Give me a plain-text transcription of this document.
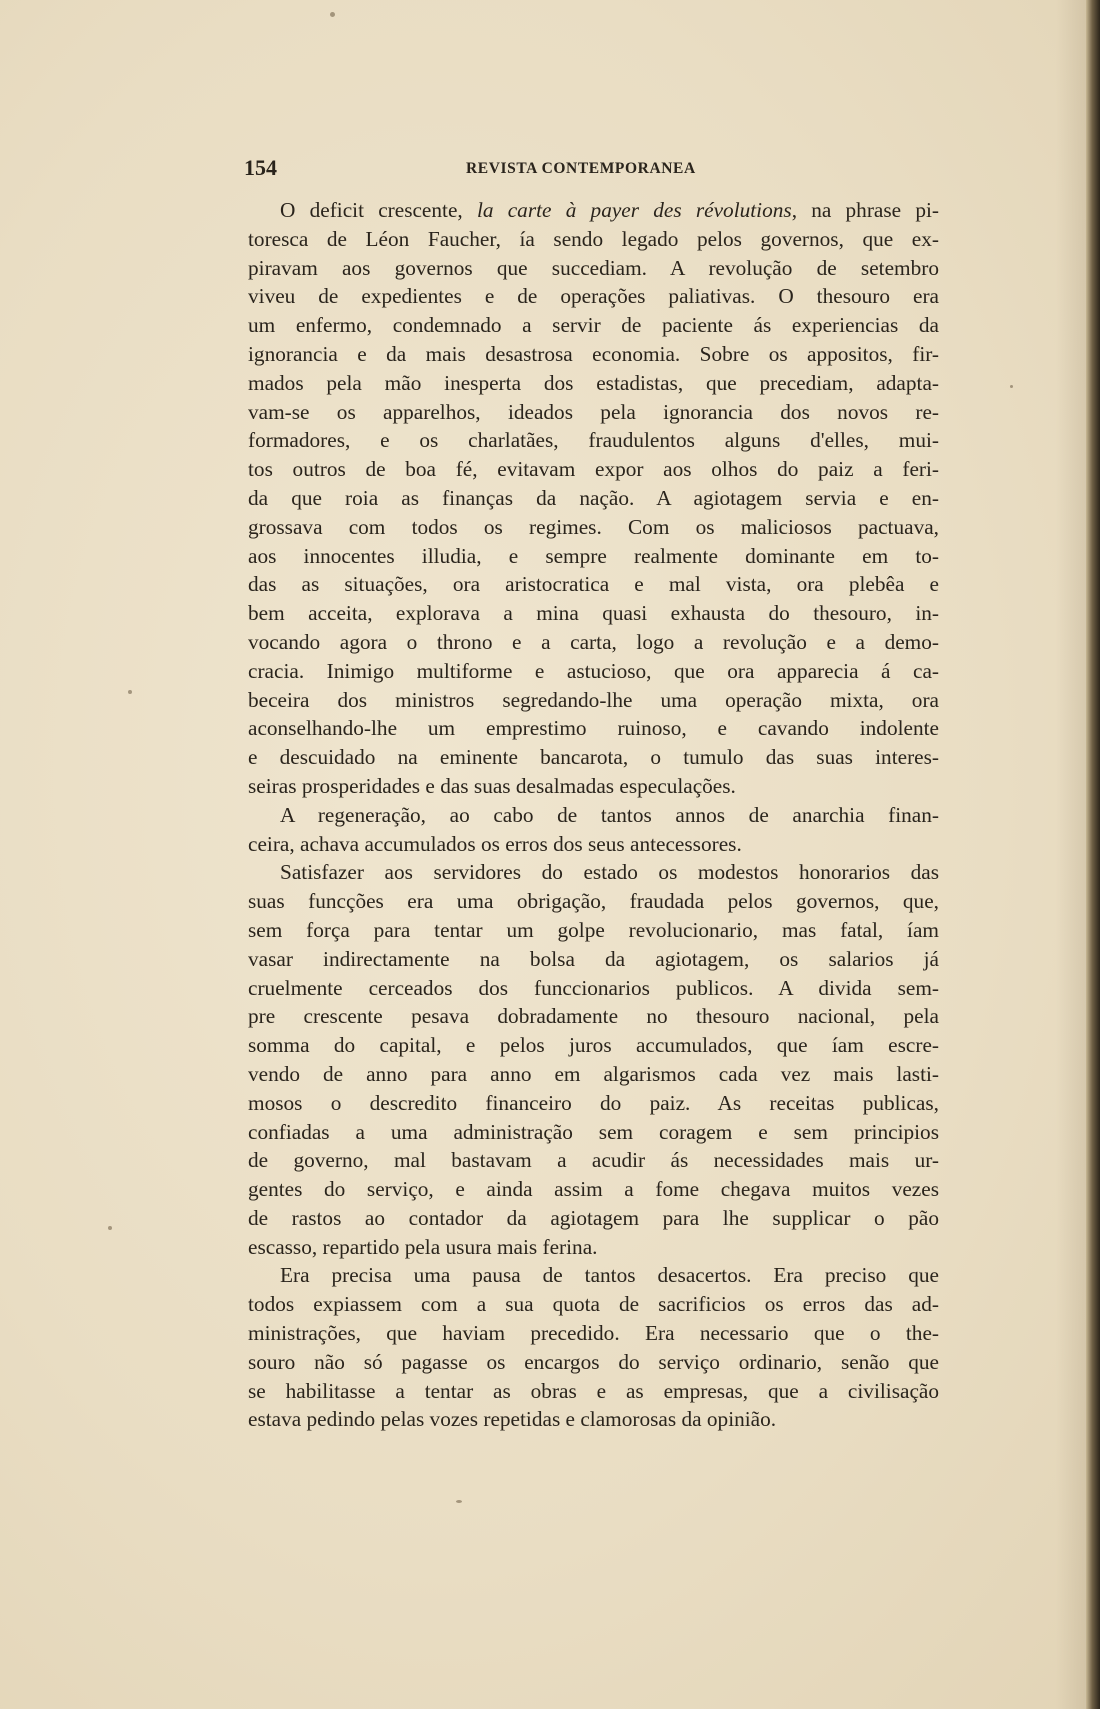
154	REVISTA CONTEMPORANEA
O deficit crescente, la carte à payer des révolutions, na phrase pi-
toresca de Léon Faucher, ía sendo legado pelos governos, que ex-
piravam aos governos que succediam. A revolução de setembro
viveu de expedientes e de operações paliativas. O thesouro era
um enfermo, condemnado a servir de paciente ás experiencias da
ignorancia e da mais desastrosa economia. Sobre os appositos, fir-
mados pela mão inesperta dos estadistas, que precediam, adapta-
vam-se os apparelhos, ideados pela ignorancia dos novos re-
formadores, e os charlatães, fraudulentos alguns d'elles, mui-
tos outros de boa fé, evitavam expor aos olhos do paiz a feri-
da que roia as finanças da nação. A agiotagem servia e en-
grossava com todos os regimes. Com os maliciosos pactuava,
aos innocentes illudia, e sempre realmente dominante em to-
das as situações, ora aristocratica e mal vista, ora plebêa e
bem acceita, explorava a mina quasi exhausta do thesouro, in-
vocando agora o throno e a carta, logo a revolução e a demo-
cracia. Inimigo multiforme e astucioso, que ora apparecia á ca-
beceira dos ministros segredando-lhe uma operação mixta, ora
aconselhando-lhe um emprestimo ruinoso, e cavando indolente
e descuidado na eminente bancarota, o tumulo das suas interes-
seiras prosperidades e das suas desalmadas especulações.
A regeneração, ao cabo de tantos annos de anarchia finan-
ceira, achava accumulados os erros dos seus antecessores.
Satisfazer aos servidores do estado os modestos honorarios das
suas funcções era uma obrigação, fraudada pelos governos, que,
sem força para tentar um golpe revolucionario, mas fatal, íam
vasar indirectamente na bolsa da agiotagem, os salarios já
cruelmente cerceados dos funccionarios publicos. A divida sem-
pre crescente pesava dobradamente no thesouro nacional, pela
somma do capital, e pelos juros accumulados, que íam escre-
vendo de anno para anno em algarismos cada vez mais lasti-
mosos o descredito financeiro do paiz. As receitas publicas,
confiadas a uma administração sem coragem e sem principios
de governo, mal bastavam a acudir ás necessidades mais ur-
gentes do serviço, e ainda assim a fome chegava muitos vezes
de rastos ao contador da agiotagem para lhe supplicar o pão
escasso, repartido pela usura mais ferina.
Era precisa uma pausa de tantos desacertos. Era preciso que
todos expiassem com a sua quota de sacrificios os erros das ad-
ministrações, que haviam precedido. Era necessario que o the-
souro não só pagasse os encargos do serviço ordinario, senão que
se habilitasse a tentar as obras e as empresas, que a civilisação
estava pedindo pelas vozes repetidas e clamorosas da opinião.
